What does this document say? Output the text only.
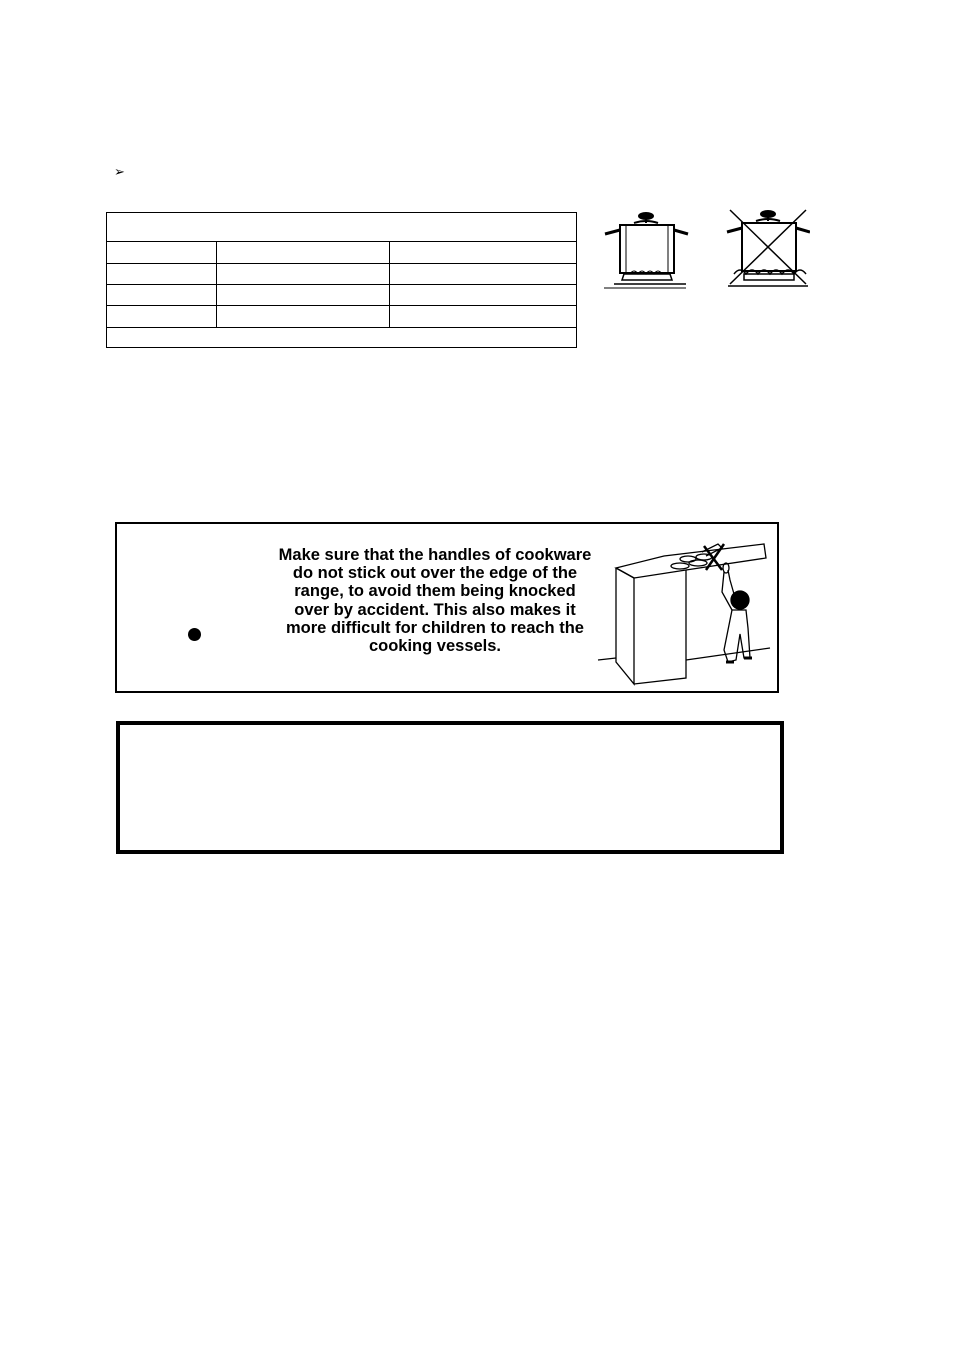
➢
Make sure that the handles of cookware
do not stick out over the edge of the
range, to avoid them being knocked
over by accident. This also makes it
more difficult for children to reach the
cooking vessels.
